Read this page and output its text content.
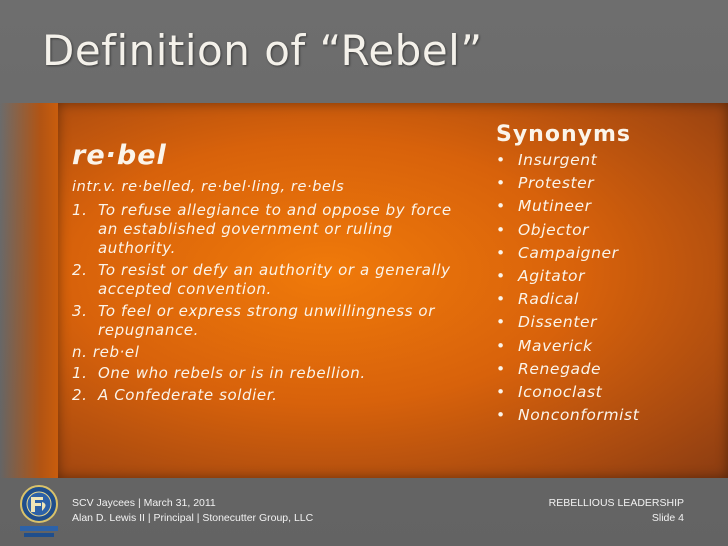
Definition of “Rebel”
re·bel
intr.v. re·belled, re·bel·ling, re·bels
1. To refuse allegiance to and oppose by force an established government or ruling authority.
2. To resist or defy an authority or a generally accepted convention.
3. To feel or express strong unwillingness or repugnance.
n. reb·el
1. One who rebels or is in rebellion.
2. A Confederate soldier.
Synonyms
• Insurgent
• Protester
• Mutineer
• Objector
• Campaigner
• Agitator
• Radical
• Dissenter
• Maverick
• Renegade
• Iconoclast
• Nonconformist
SCV Jaycees | March 31, 2011
Alan D. Lewis II | Principal | Stonecutter Group, LLC
REBELLIOUS LEADERSHIP
Slide 4
